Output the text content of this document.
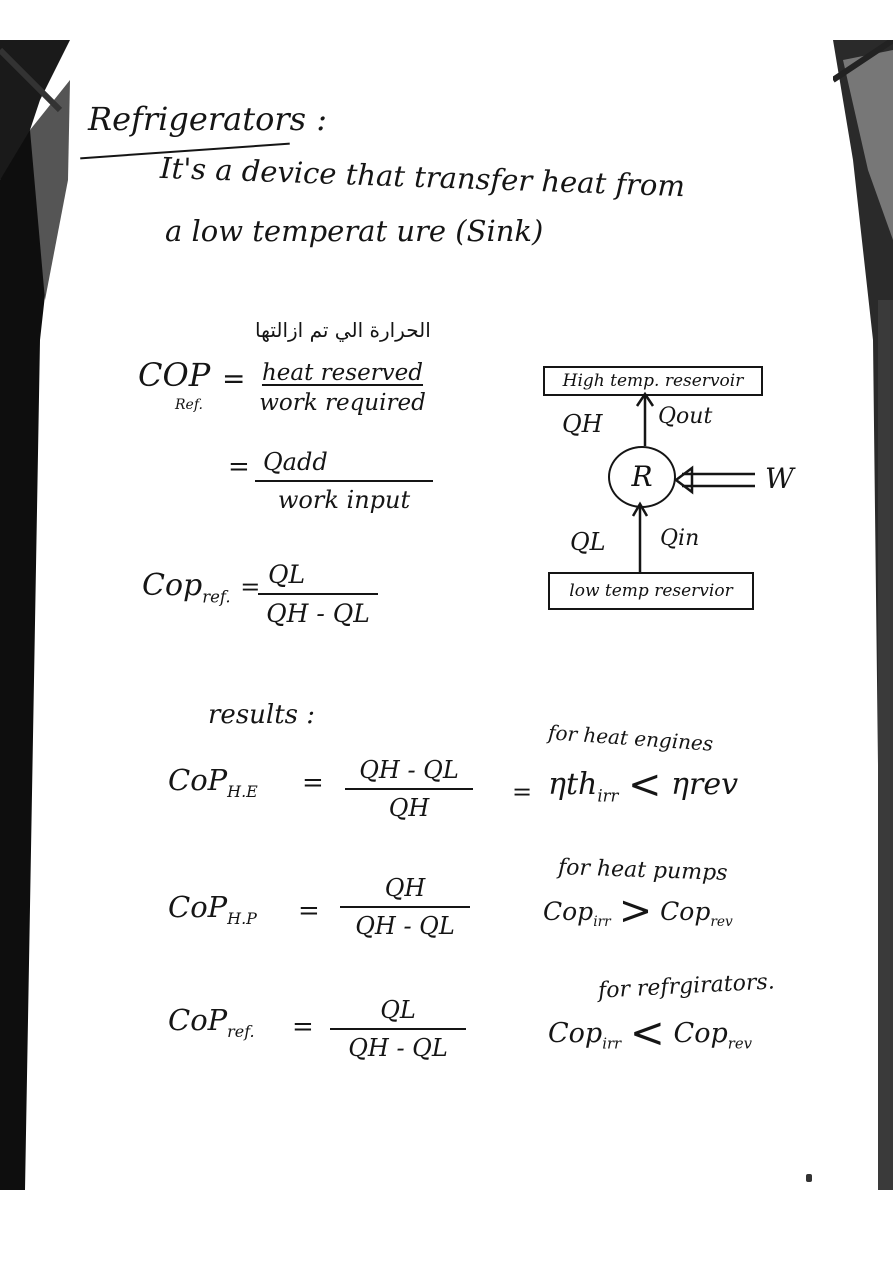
Refrigerators :
It's a device that transfer heat from
a low temperat ure (Sink)
الحرارة الي تم ازالتها
COP
Ref.
= heat reserved
work required
= Qadd
work input
Cop$_{ref.}$ = QL
QH - QL
High temp. reservoir
low temp reservior
R
QH	Qout
W
QL Qin
results :
CoP$_{H.E}$ =	QH - QL
QH
for heat engines
= ηth$_{irr}$ < ηrev
CoP$_{H.P}$ =
QH
QH - QL
for heat pumps
Cop$_{irr}$ > Cop$_{rev}$
CoP$_{ref.}$ =
QL
QH - QL
for refrgirators.
Cop$_{irr}$ < Cop$_{rev}$
